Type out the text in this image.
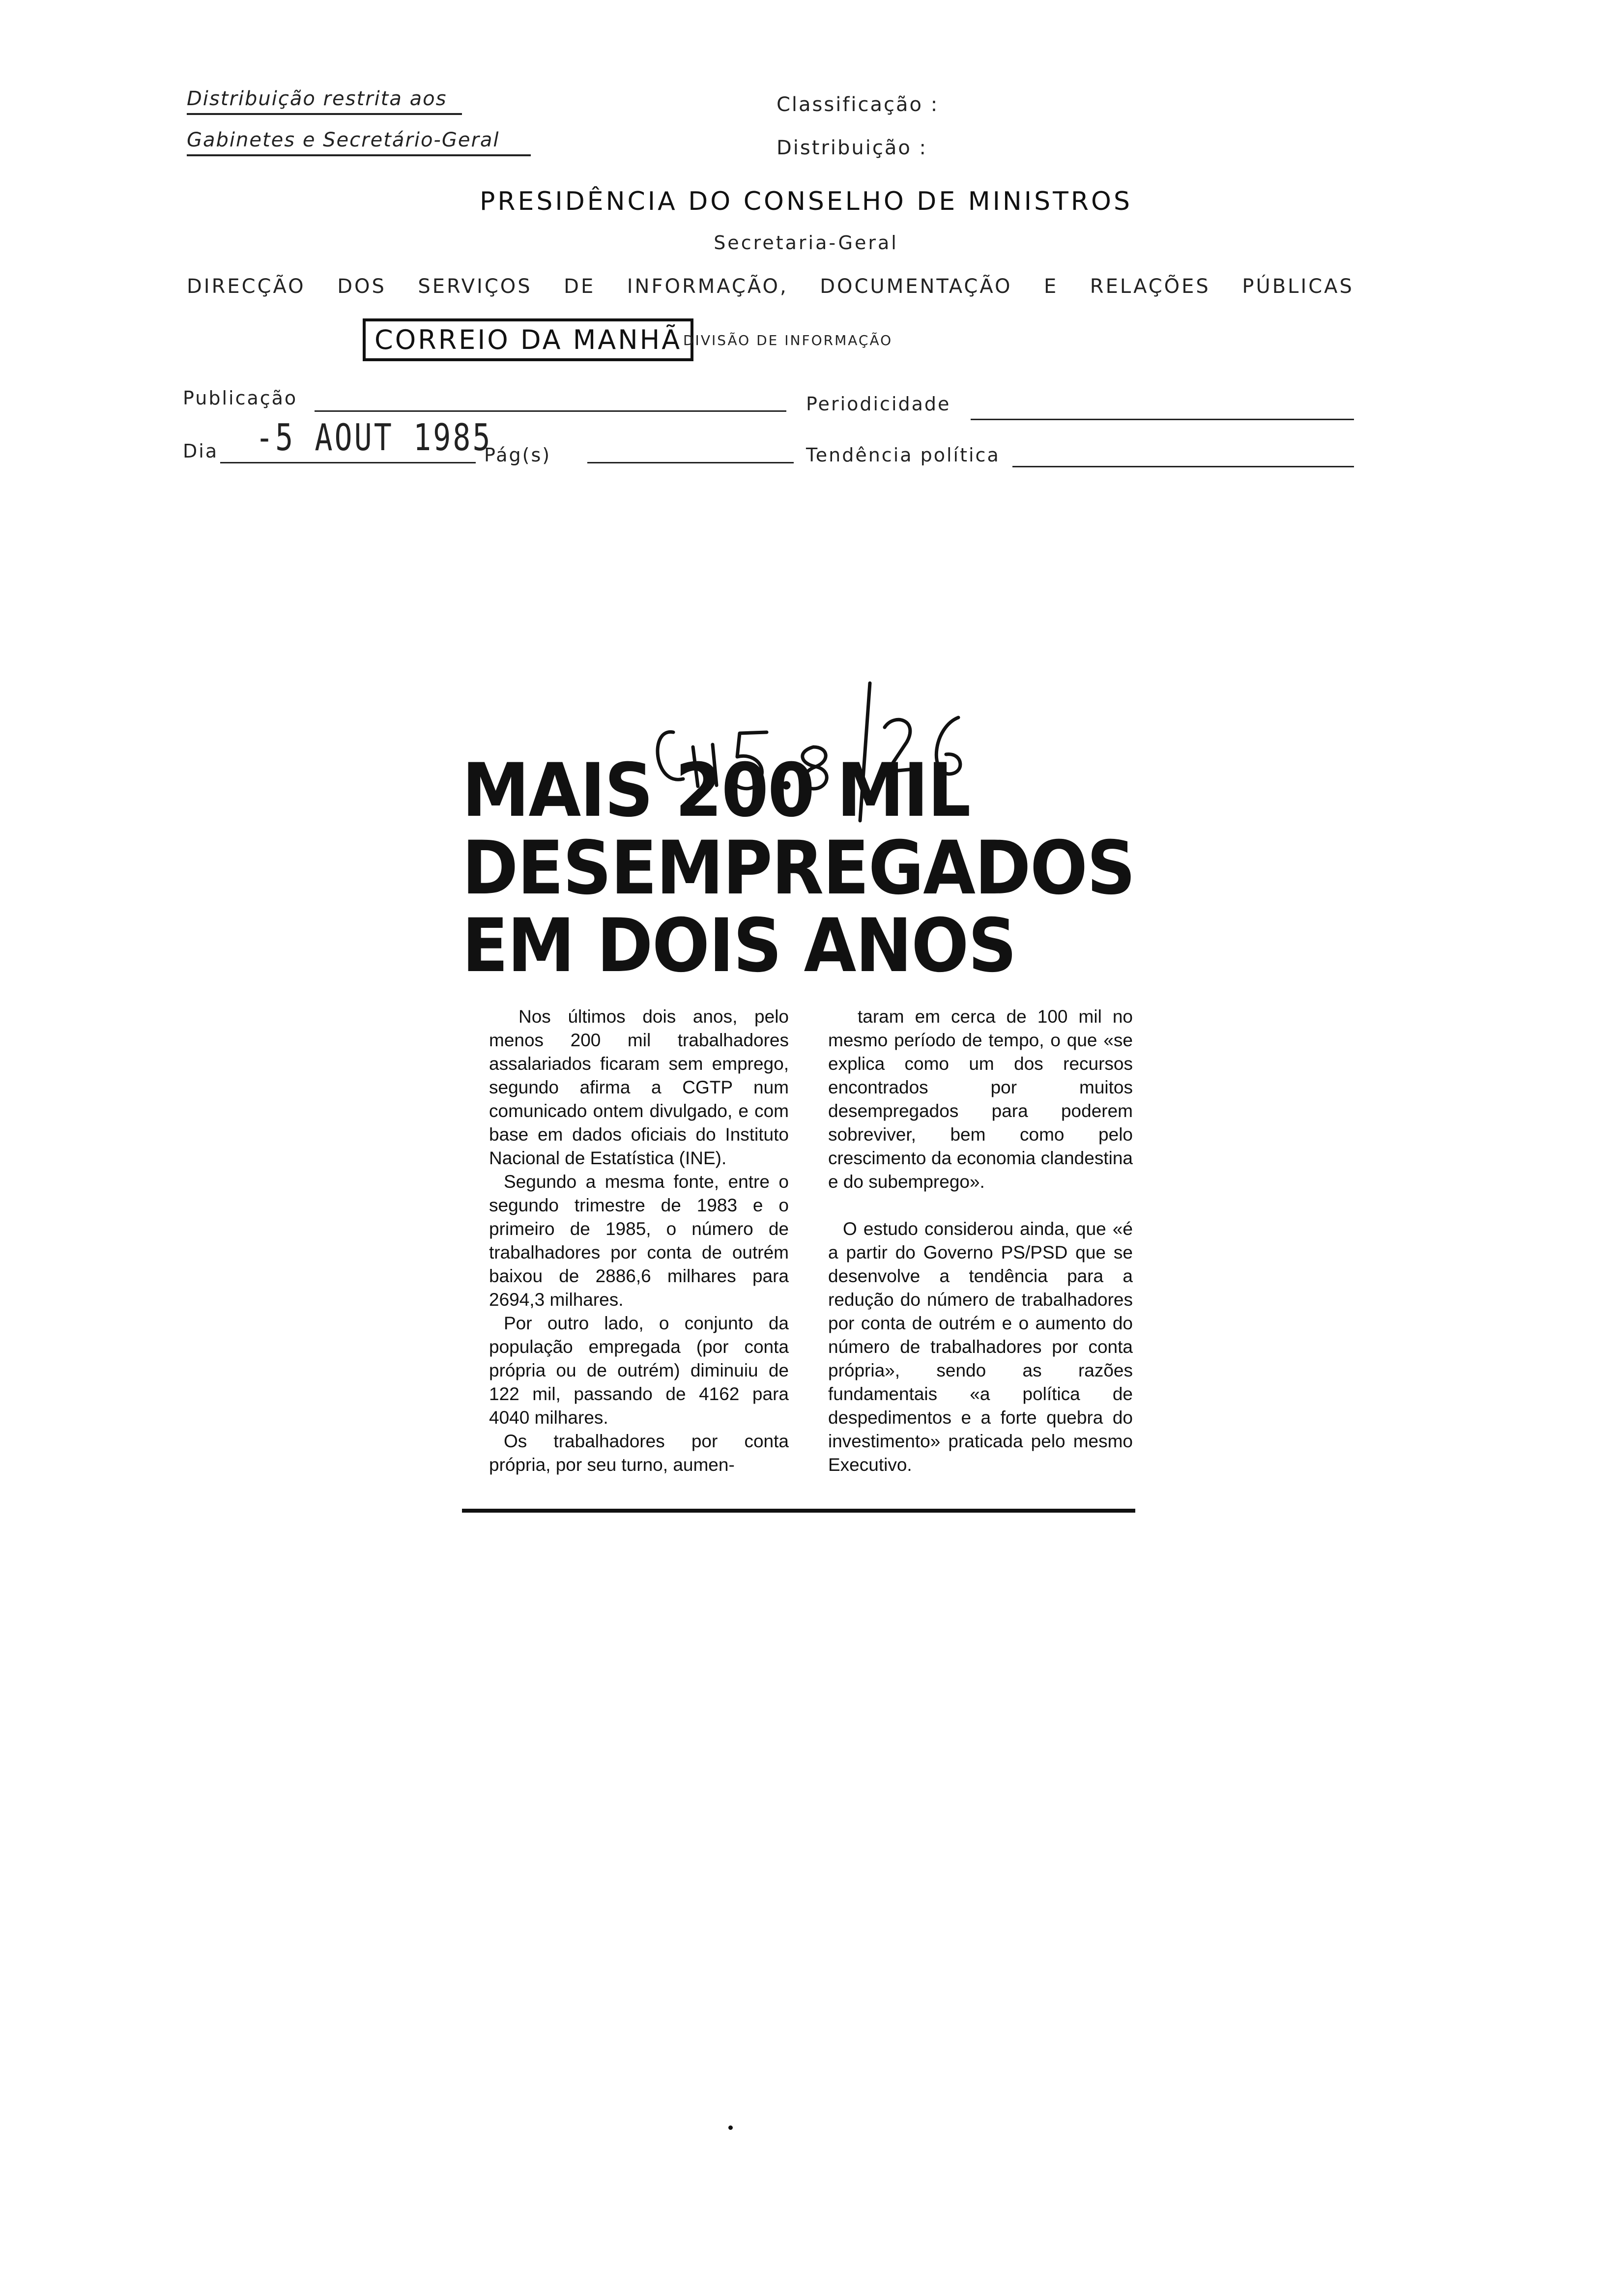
Distribuição restrita aos
Gabinetes e Secretário-Geral
Classificação :
Distribuição :
PRESIDÊNCIA DO CONSELHO DE MINISTROS
Secretaria-Geral
DIRECÇÃO DOS SERVIÇOS DE INFORMAÇÃO, DOCUMENTAÇÃO E RELAÇÕES PÚBLICAS
CORREIO DA MANHÃ DIVISÃO DE INFORMAÇÃO
Publicação	Periodicidade
Dia -5 AOUT 1985
Pág(s)	Tendência política
MAIS 200 MIL
DESEMPREGADOS
EM DOIS ANOS

Nos últimos dois anos, pelo menos 200 mil trabalhadores assalariados ficaram sem emprego, segundo afirma a CGTP num comunicado ontem divulgado, e com base em dados oficiais do Instituto Nacional de Estatística (INE).

Segundo a mesma fonte, entre o segundo trimestre de 1983 e o primeiro de 1985, o número de trabalhadores por conta de outrém baixou de 2886,6 milhares para 2694,3 milhares.

Por outro lado, o conjunto da população empregada (por conta própria ou de outrém) diminuiu de 122 mil, passando de 4162 para 4040 milhares.

Os trabalhadores por conta própria, por seu turno, aumen-

taram em cerca de 100 mil no mesmo período de tempo, o que «se explica como um dos recursos encontrados por muitos desempregados para poderem sobreviver, bem como pelo crescimento da economia clandestina e do subemprego».

O estudo considerou ainda, que «é a partir do Governo PS/PSD que se desenvolve a tendência para a redução do número de trabalhadores por conta de outrém e o aumento do número de trabalhadores por conta própria», sendo as razões fundamentais «a política de despedimentos e a forte quebra do investimento» praticada pelo mesmo Executivo.
